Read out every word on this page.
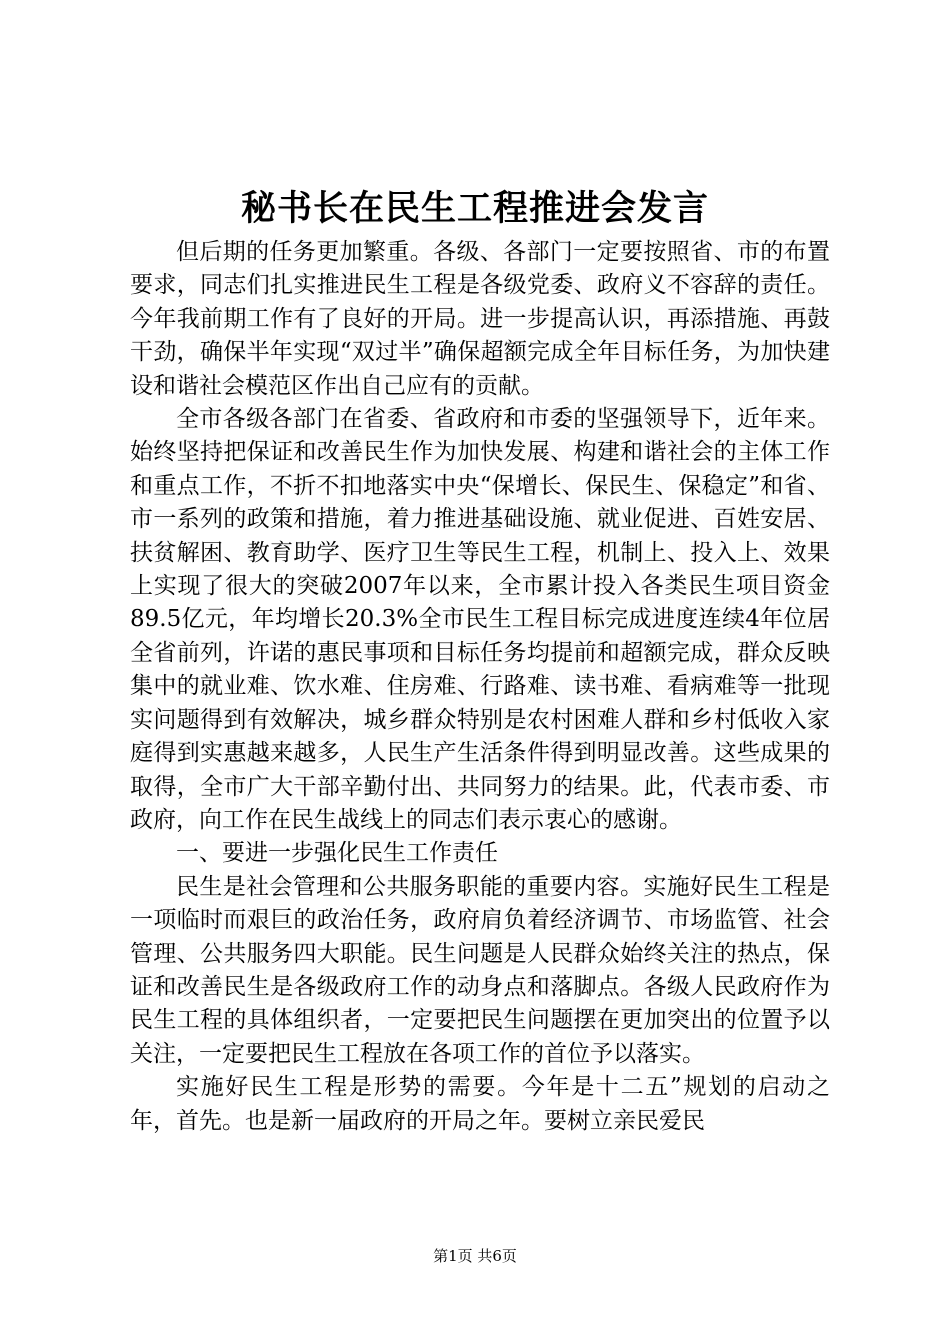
秘书长在民生工程推进会发言

但后期的任务更加繁重。各级、各部门一定要按照省、市的布置要求，同志们扎实推进民生工程是各级党委、政府义不容辞的责任。今年我前期工作有了良好的开局。进一步提高认识，再添措施、再鼓干劲，确保半年实现“双过半”确保超额完成全年目标任务，为加快建设和谐社会模范区作出自己应有的贡献。

全市各级各部门在省委、省政府和市委的坚强领导下，近年来。始终坚持把保证和改善民生作为加快发展、构建和谐社会的主体工作和重点工作，不折不扣地落实中央“保增长、保民生、保稳定”和省、市一系列的政策和措施，着力推进基础设施、就业促进、百姓安居、扶贫解困、教育助学、医疗卫生等民生工程，机制上、投入上、效果上实现了很大的突破2007年以来，全市累计投入各类民生项目资金89.5亿元，年均增长20.3%全市民生工程目标完成进度连续4年位居全省前列，许诺的惠民事项和目标任务均提前和超额完成，群众反映集中的就业难、饮水难、住房难、行路难、读书难、看病难等一批现实问题得到有效解决，城乡群众特别是农村困难人群和乡村低收入家庭得到实惠越来越多，人民生产生活条件得到明显改善。这些成果的取得，全市广大干部辛勤付出、共同努力的结果。此，代表市委、市政府，向工作在民生战线上的同志们表示衷心的感谢。

一、要进一步强化民生工作责任

民生是社会管理和公共服务职能的重要内容。实施好民生工程是一项临时而艰巨的政治任务，政府肩负着经济调节、市场监管、社会管理、公共服务四大职能。民生问题是人民群众始终关注的热点，保证和改善民生是各级政府工作的动身点和落脚点。各级人民政府作为民生工程的具体组织者，一定要把民生问题摆在更加突出的位置予以关注，一定要把民生工程放在各项工作的首位予以落实。

实施好民生工程是形势的需要。今年是十二五”规划的启动之年，首先。也是新一届政府的开局之年。要树立亲民爱民

第1页 共6页
